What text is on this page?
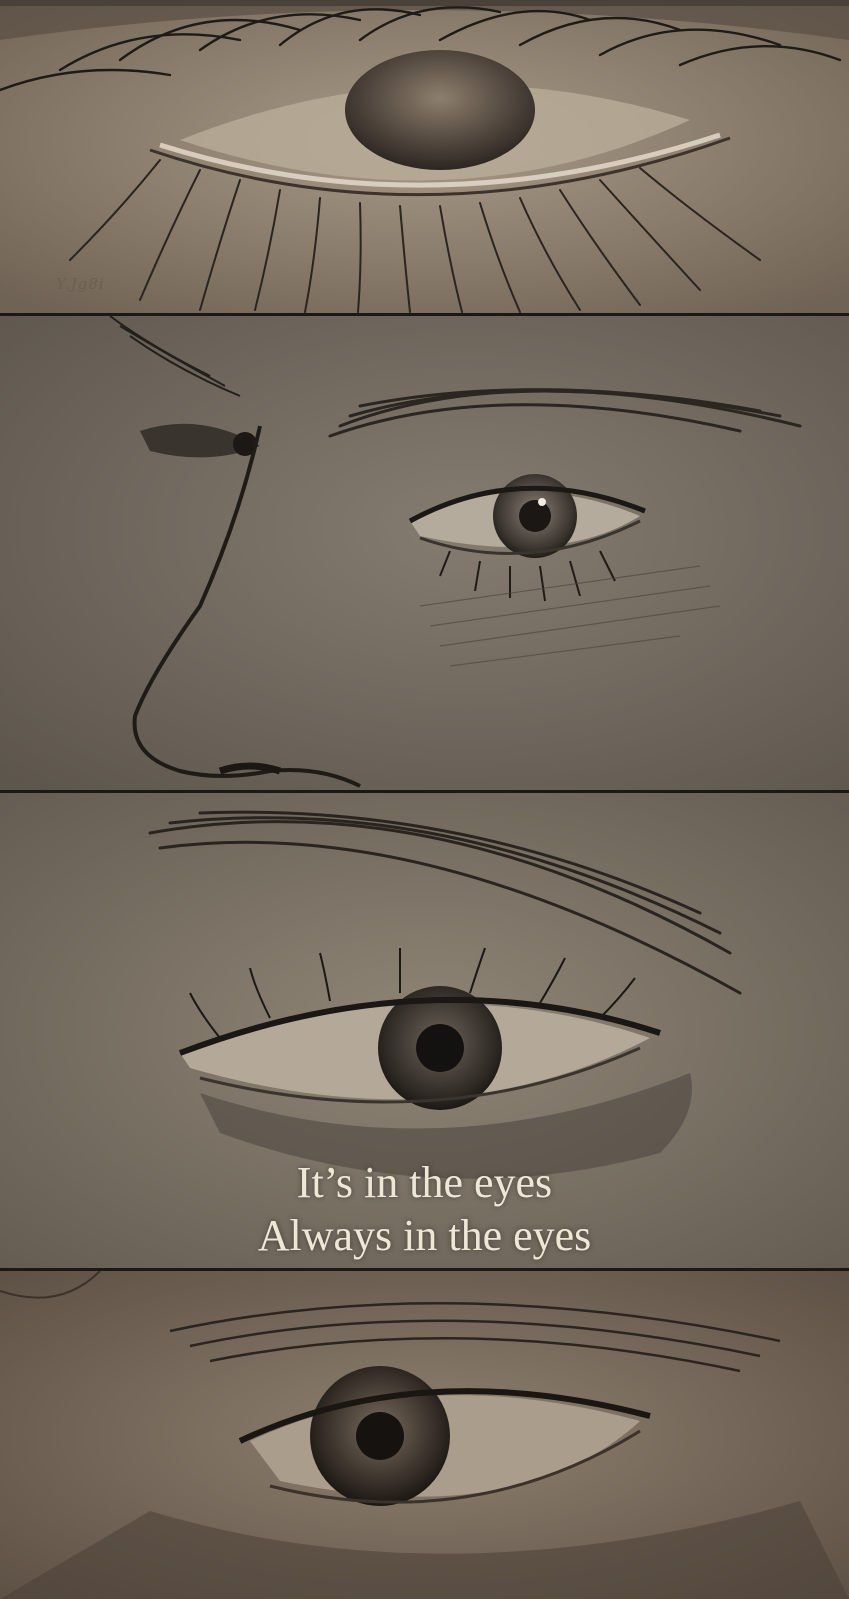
Y.Jg8i
It’s in the eyes
Always in the eyes
